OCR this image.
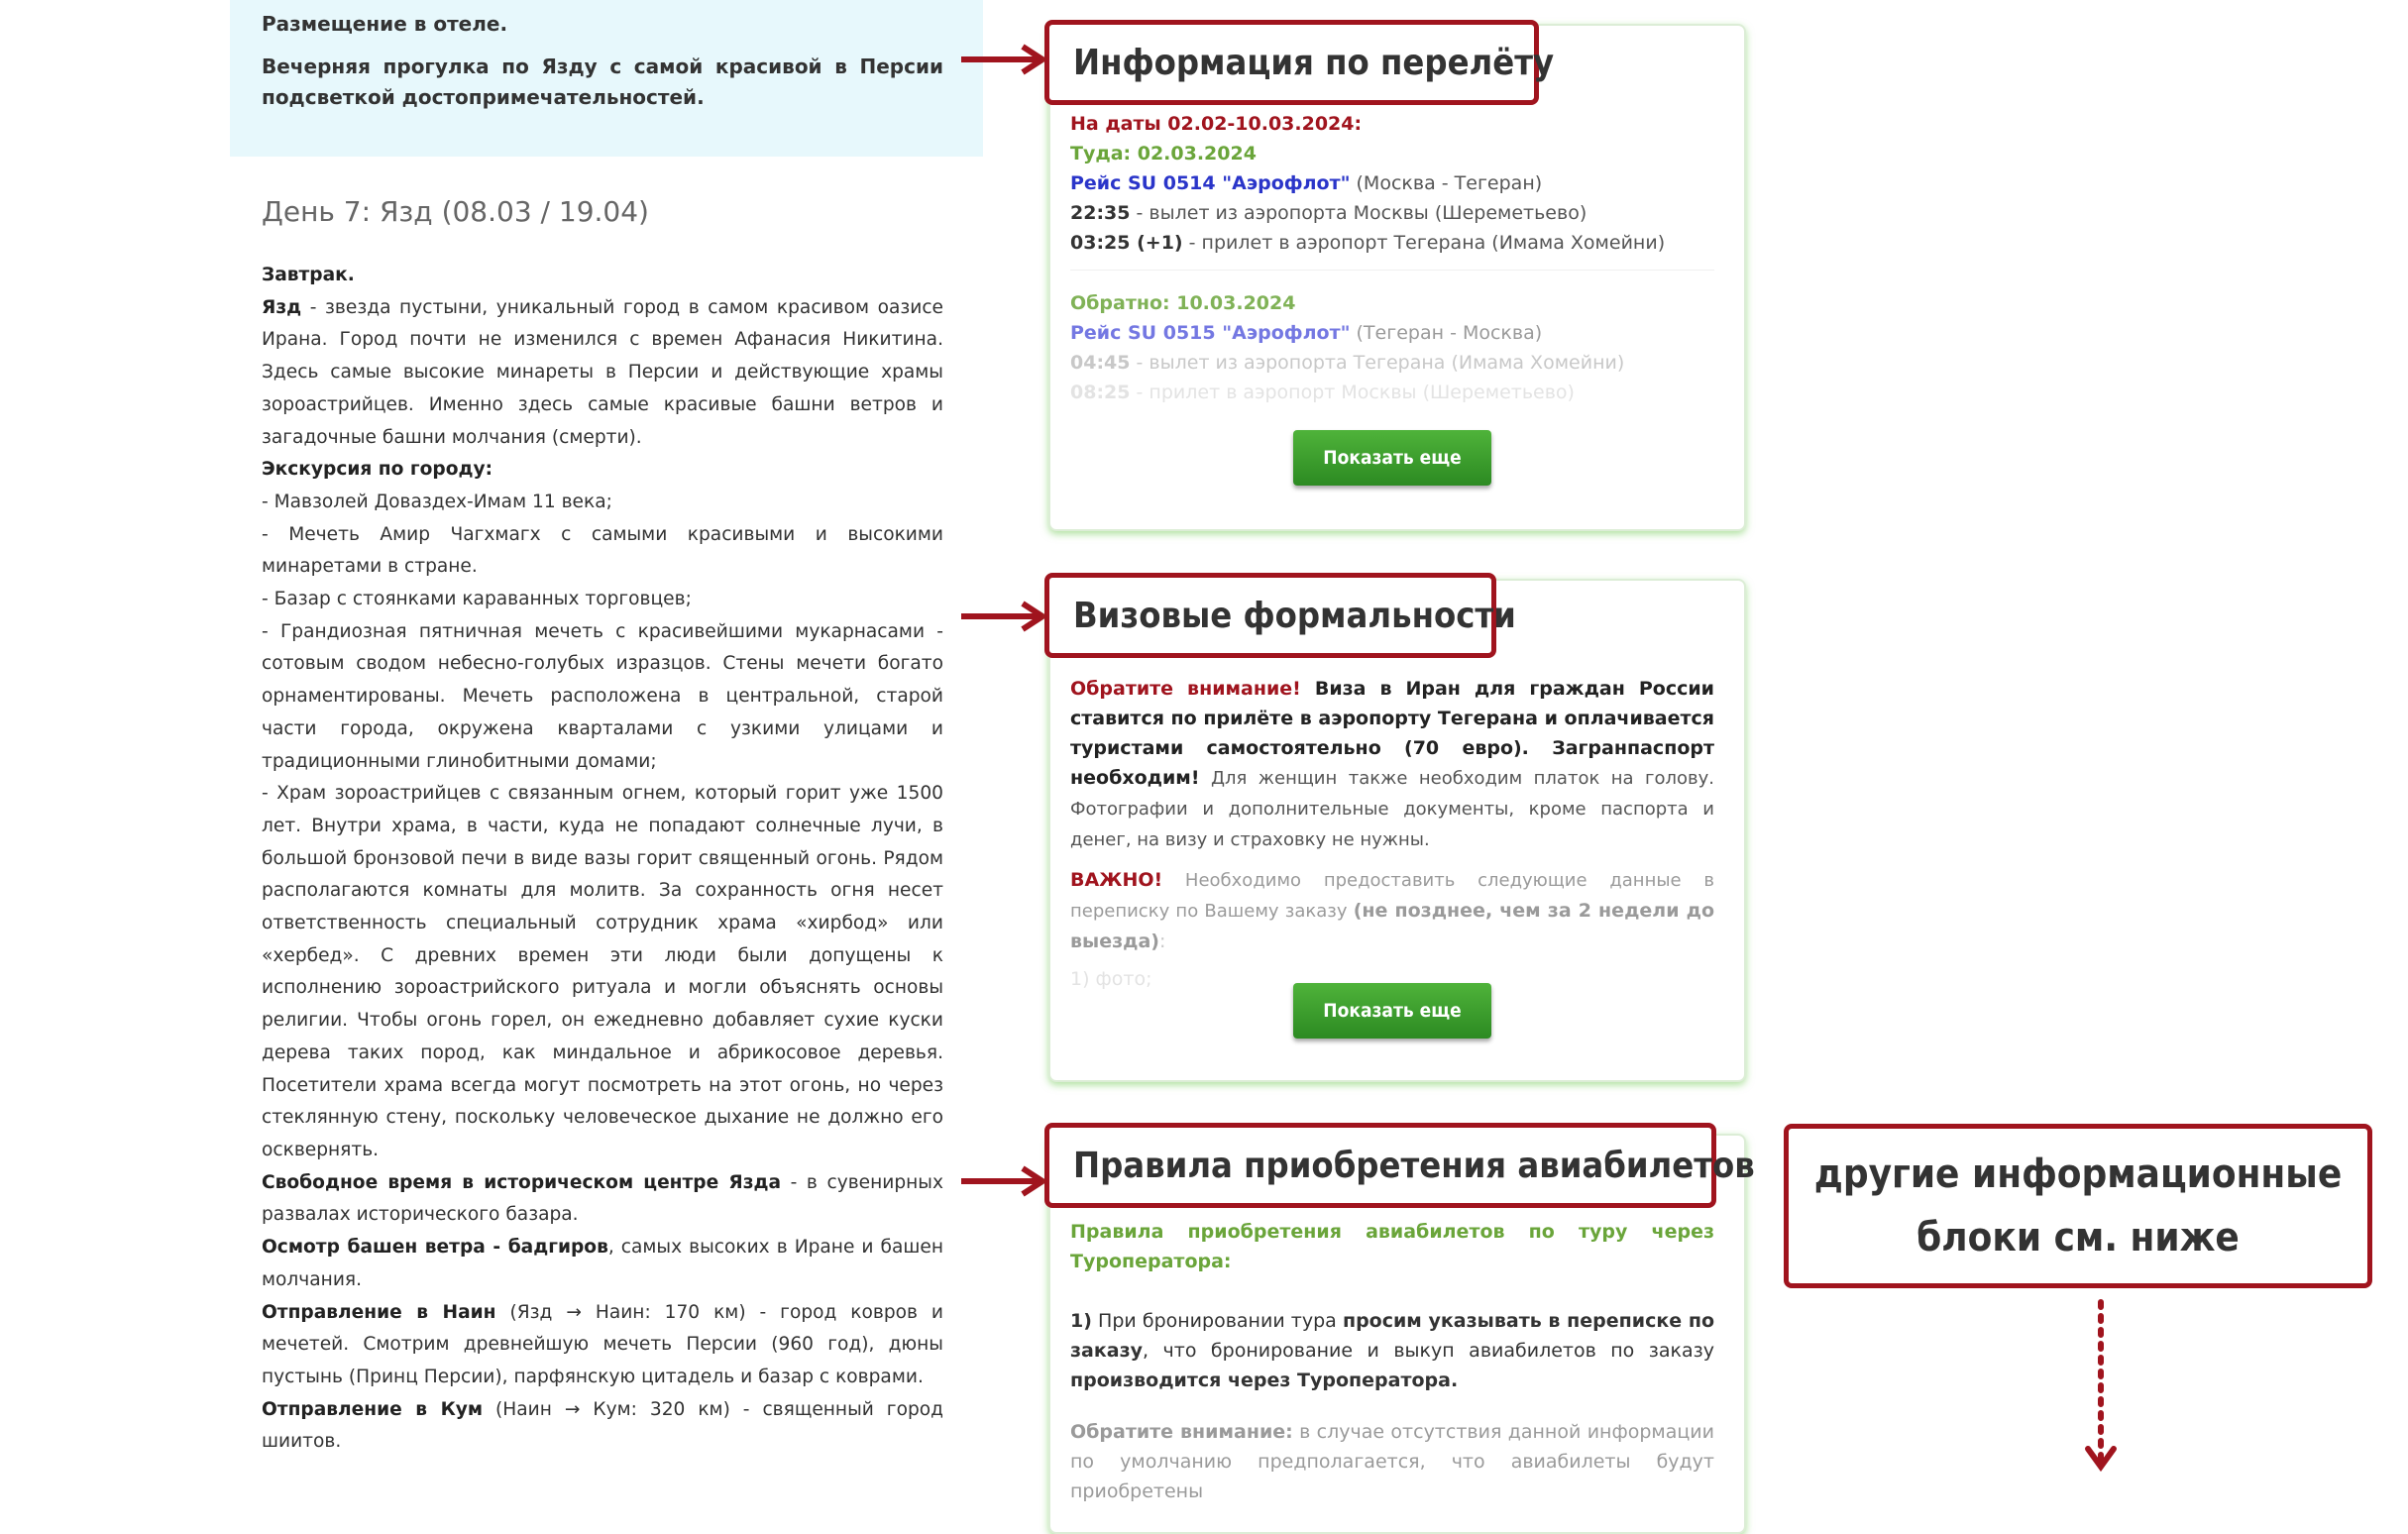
Размещение в отеле.
Вечерняя прогулка по Язду с самой красивой в Персии подсветкой достопримечательностей.
День 7: Язд (08.03 / 19.04)
Завтрак.
Язд - звезда пустыни, уникальный город в самом красивом оазисе Ирана. Город почти не изменился с времен Афанасия Никитина. Здесь самые высокие минареты в Персии и действующие храмы зороастрийцев. Именно здесь самые красивые башни ветров и загадочные башни молчания (смерти).
Экскурсия по городу:
- Мавзолей Доваздех-Имам 11 века;
- Мечеть Амир Чагхмагх с самыми красивыми и высокими минаретами в стране.
- Базар с стоянками караванных торговцев;
- Грандиозная пятничная мечеть с красивейшими мукарнасами - сотовым сводом небесно-голубых изразцов. Стены мечети богато орнаментированы. Мечеть расположена в центральной, старой части города, окружена кварталами с узкими улицами и традиционными глинобитными домами;
- Храм зороастрийцев с связанным огнем, который горит уже 1500 лет. Внутри храма, в части, куда не попадают солнечные лучи, в большой бронзовой печи в виде вазы горит священный огонь. Рядом располагаются комнаты для молитв. За сохранность огня несет ответственность специальный сотрудник храма «хирбод» или «хербед». С древних времен эти люди были допущены к исполнению зороастрийского ритуала и могли объяснять основы религии. Чтобы огонь горел, он ежедневно добавляет сухие куски дерева таких пород, как миндальное и абрикосовое деревья. Посетители храма всегда могут посмотреть на этот огонь, но через стеклянную стену, поскольку человеческое дыхание не должно его осквернять.
Свободное время в историческом центре Язда - в сувенирных развалах исторического базара.
Осмотр башен ветра - бадгиров, самых высоких в Иране и башен молчания.
Отправление в Наин (Язд → Наин: 170 км) - город ковров и мечетей. Смотрим древнейшую мечеть Персии (960 год), дюны пустынь (Принц Персии), парфянскую цитадель и базар с коврами.
Отправление в Кум (Наин → Кум: 320 км) - священный город шиитов.
Информация по перелёту
На даты 02.02-10.03.2024:
Туда: 02.03.2024
Рейс SU 0514 "Аэрофлот" (Москва - Тегеран)
22:35 - вылет из аэропорта Москвы (Шереметьево)
03:25 (+1) - прилет в аэропорт Тегерана (Имама Хомейни)
Обратно: 10.03.2024
Рейс SU 0515 "Аэрофлот" (Тегеран - Москва)
04:45 - вылет из аэропорта Тегерана (Имама Хомейни)
08:25 - прилет в аэропорт Москвы (Шереметьево)
Показать еще
Визовые формальности
Обратите внимание! Виза в Иран для граждан России ставится по прилёте в аэропорту Тегерана и оплачивается туристами самостоятельно (70 евро). Загранпаспорт необходим! Для женщин также необходим платок на голову. Фотографии и дополнительные документы, кроме паспорта и денег, на визу и страховку не нужны.
ВАЖНО! Необходимо предоставить следующие данные в переписку по Вашему заказу (не позднее, чем за 2 недели до выезда):
1) фото;
Показать еще
Правила приобретения авиабилетов
Правила приобретения авиабилетов по туру через Туроператора:
1) При бронировании тура просим указывать в переписке по заказу, что бронирование и выкуп авиабилетов по заказу производится через Туроператора.
Обратите внимание: в случае отсутствия данной информации по умолчанию предполагается, что авиабилеты будут приобретены
другие информационные
блоки см. ниже
